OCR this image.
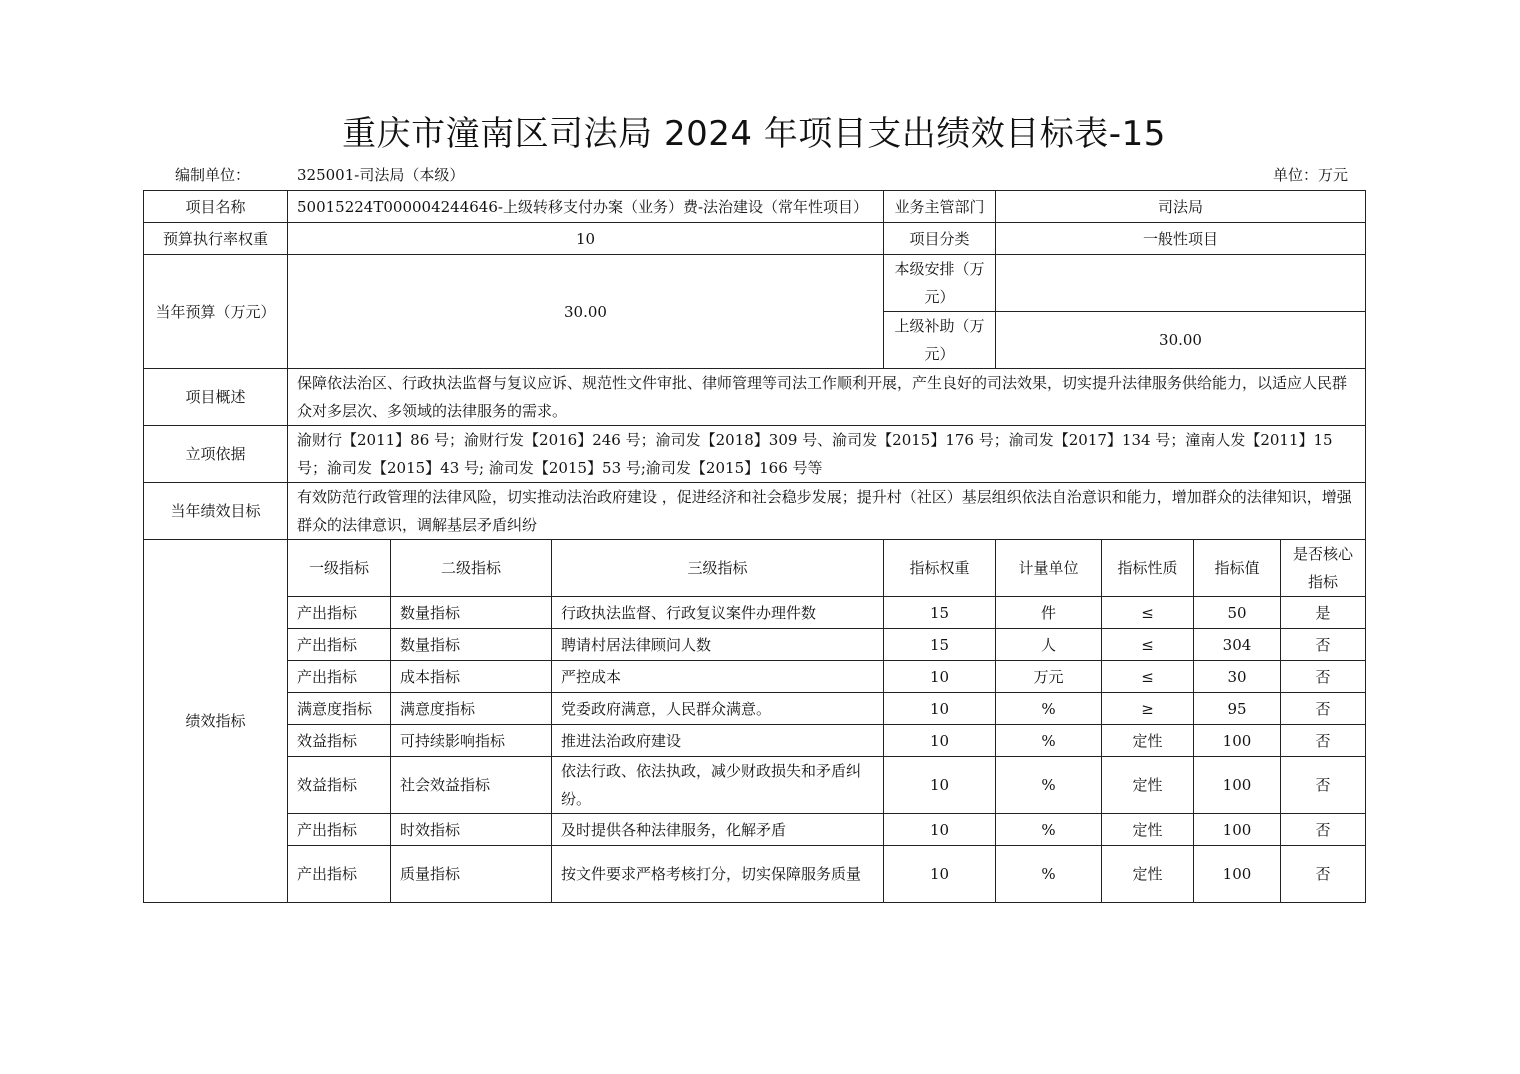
重庆市潼南区司法局 2024 年项目支出绩效目标表-15
编制单位：	325001-司法局（本级）	单位：万元
项目名称	50015224T000004244646-上级转移支付办案（业务）费-法治建设（常年性项目）			业务主管部门	司法局			
预算执行率权重	10			项目分类	一般性项目			
当年预算（万元）	30.00			本级安排（万元）				
				上级补助（万元）	30.00			
项目概述	保障依法治区、行政执法监督与复议应诉、规范性文件审批、律师管理等司法工作顺利开展，产生良好的司法效果，切实提升法律服务供给能力，以适应人民群众对多层次、多领域的法律服务的需求。							
立项依据	渝财行【2011】86 号；渝财行发【2016】246 号；渝司发【2018】309 号、渝司发【2015】176 号；渝司发【2017】134 号；潼南人发【2011】15 号；渝司发【2015】43 号; 渝司发【2015】53 号;渝司发【2015】166 号等							
当年绩效目标	有效防范行政管理的法律风险，切实推动法治政府建设 ，促进经济和社会稳步发展；提升村（社区）基层组织依法自治意识和能力，增加群众的法律知识，增强群众的法律意识，调解基层矛盾纠纷							
绩效指标	一级指标	二级指标	三级指标	指标权重	计量单位	指标性质	指标值	是否核心指标
	产出指标	数量指标	行政执法监督、行政复议案件办理件数	15	件	≤	50	是
	产出指标	数量指标	聘请村居法律顾问人数	15	人	≤	304	否
	产出指标	成本指标	严控成本	10	万元	≤	30	否
	满意度指标	满意度指标	党委政府满意，人民群众满意。	10	%	≥	95	否
	效益指标	可持续影响指标	推进法治政府建设	10	%	定性	100	否
	效益指标	社会效益指标	依法行政、依法执政，减少财政损失和矛盾纠纷。	10	%	定性	100	否
	产出指标	时效指标	及时提供各种法律服务，化解矛盾	10	%	定性	100	否
	产出指标	质量指标	按文件要求严格考核打分，切实保障服务质量	10	%	定性	100	否
